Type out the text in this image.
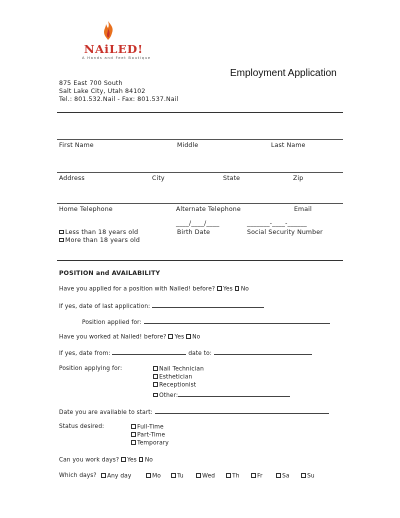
NAiLED!
A Hands and Feet Boutique
Employment Application
875 East 700 South
Salt Lake City, Utah 84102
Tel.: 801.532.Nail - Fax: 801.537.Nail
First Name	Middle	Last Name
Address	City	State	Zip
Home Telephone	Alternate Telephone	Email
____/____/____	_______-____-______
Less than 18 years old	Birth Date	Social Security Number
More than 18 years old
POSITION and AVAILABILITY
Have you applied for a position with Nailed! before? Yes No
If yes, date of last application:
Position applied for:
Have you worked at Nailed! before? Yes No
If yes, date from:	date to:
Position applying for:	Nail Technician
Esthetician
Receptionist
Other:
Date you are available to start:
Status desired:	Full-Time
Part-Time
Temporary
Can you work days? Yes No
Which days?	Any day	Mo	Tu	Wed	Th	Fr	Sa	Su
